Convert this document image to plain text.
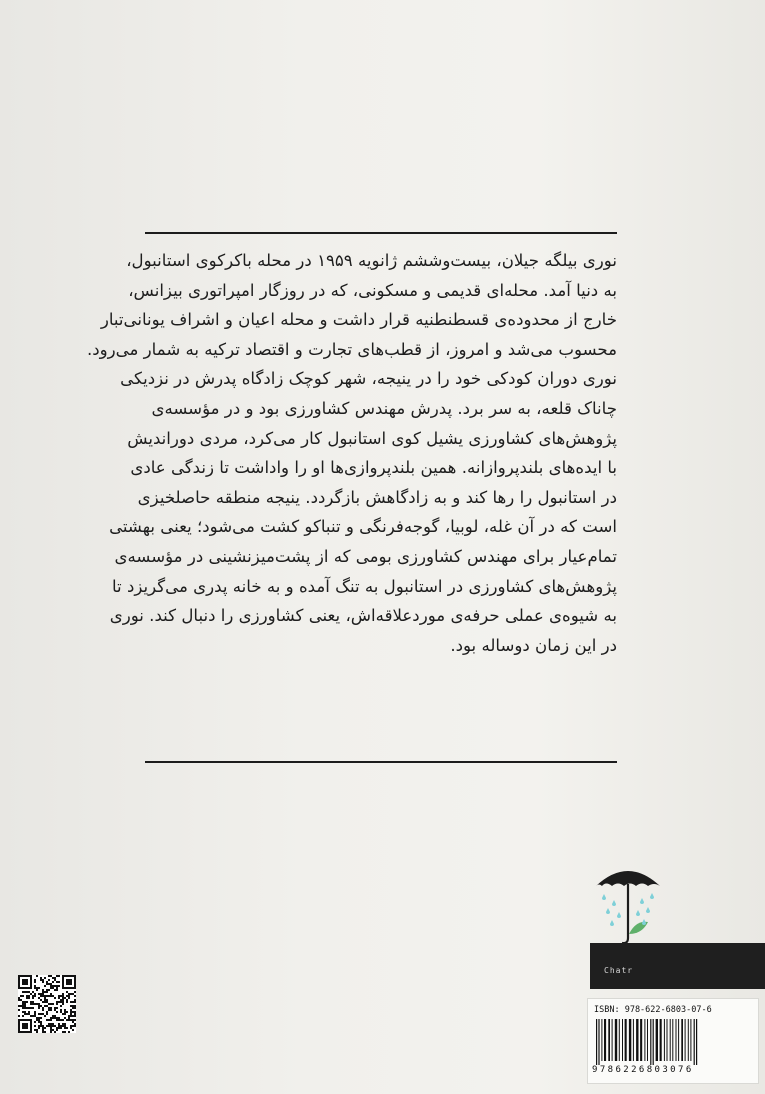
نوری بیلگه جیلان، بیست‌وششم ژانویه ۱۹۵۹ در محله باکرکوی استانبول،
به دنیا آمد. محله‌ای قدیمی و مسکونی، که در روزگار امپراتوری بیزانس،
خارج از محدوده‌ی قسطنطنیه قرار داشت و محله اعیان و اشراف یونانی‌تبار
محسوب می‌شد و امروز، از قطب‌های تجارت و اقتصاد ترکیه به شمار می‌رود.
نوری دوران کودکی خود را در ینیجه، شهر کوچک زادگاه پدرش در نزدیکی
چاناک قلعه، به سر برد. پدرش مهندس کشاورزی بود و در مؤسسه‌ی
پژوهش‌های کشاورزی یشیل کوی استانبول کار می‌کرد، مردی دوراندیش
با ایده‌های بلندپروازانه. همین بلندپروازی‌ها او را واداشت تا زندگی عادی
در استانبول را رها کند و به زادگاهش بازگردد. ینیجه منطقه حاصلخیزی
است که در آن غله، لوبیا، گوجه‌فرنگی و تنباکو کشت می‌شود؛ یعنی بهشتی
تمام‌عیار برای مهندس کشاورزی بومی که از پشت‌میزنشینی در مؤسسه‌ی
پژوهش‌های کشاورزی در استانبول به تنگ آمده و به خانه پدری می‌گریزد تا
به شیوه‌ی عملی حرفه‌ی موردعلاقه‌اش، یعنی کشاورزی را دنبال کند. نوری
در این زمان دوساله بود.
Chatr
ISBN: 978-622-6803-07-6
9786226803076
